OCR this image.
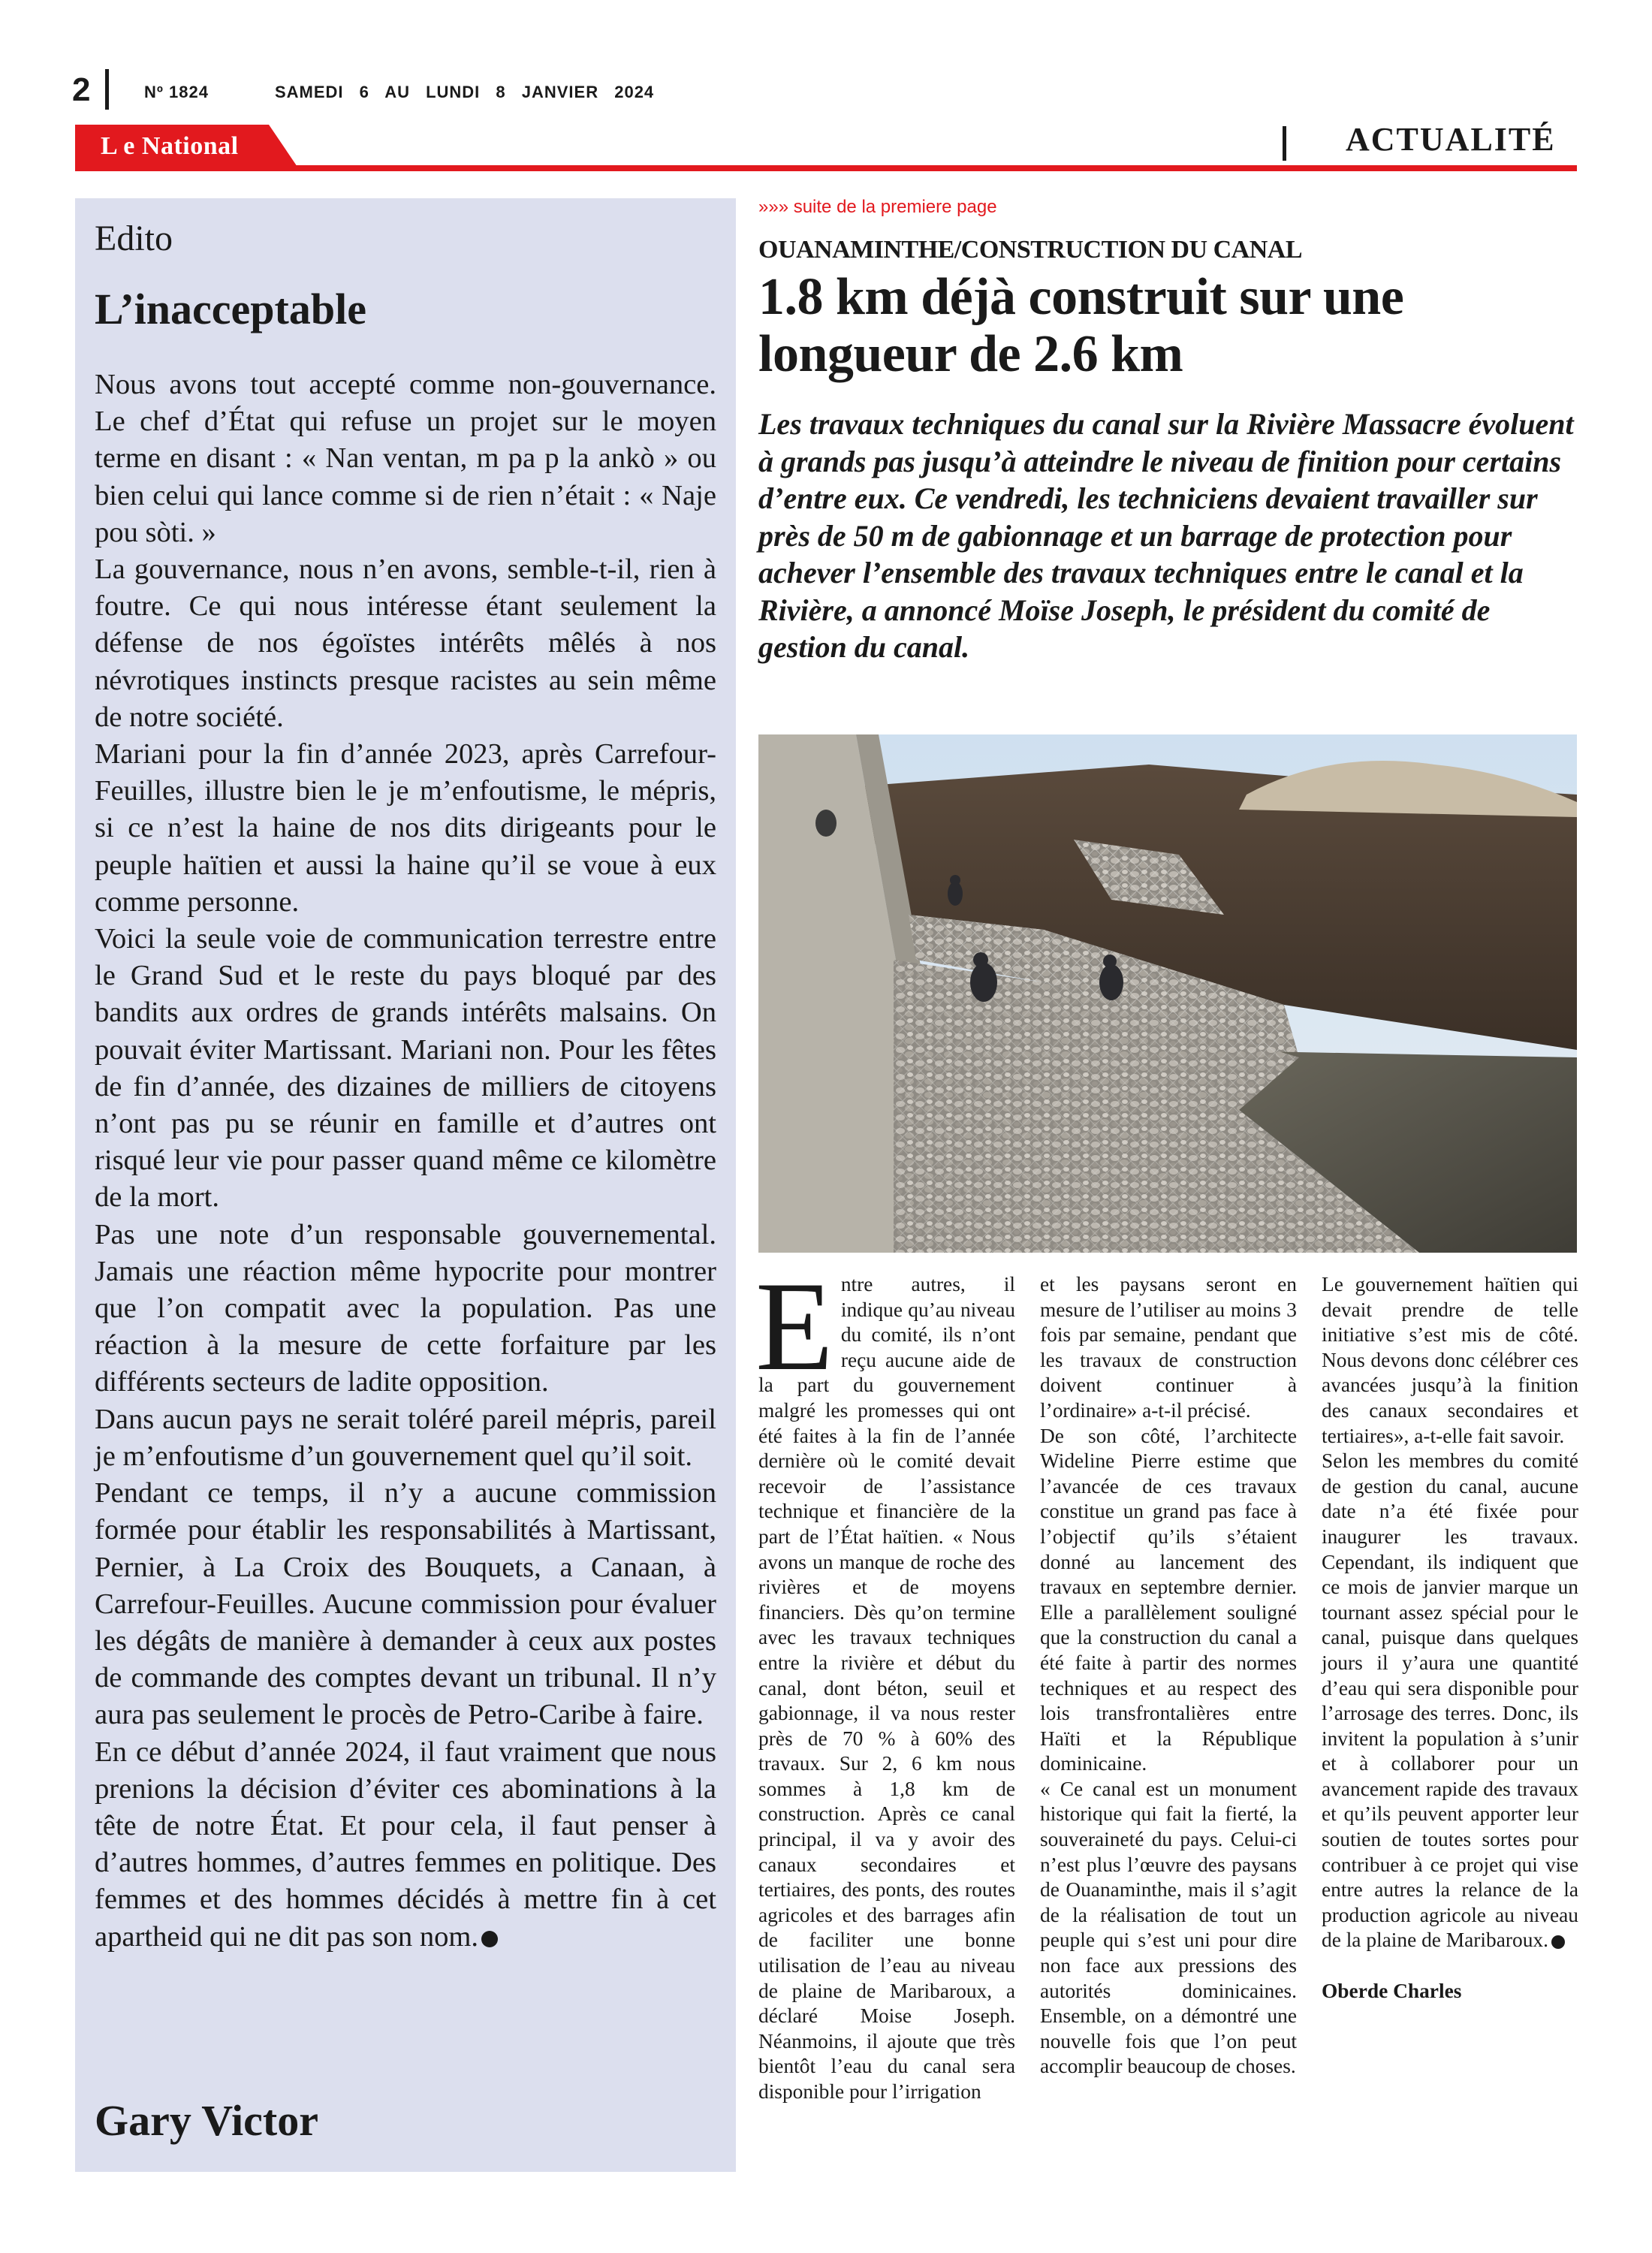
2	Nº 1824	SAMEDI 6 AU LUNDI 8 JANVIER 2024
L e National	ACTUALITÉ
Edito
L’inacceptable

Nous avons tout accepté comme non-gouvernance. Le chef d’État qui refuse un projet sur le moyen terme en disant : « Nan ventan, m pa p la ankò » ou bien celui qui lance comme si de rien n’était : « Naje pou sòti. »

La gouvernance, nous n’en avons, semble-t-il, rien à foutre. Ce qui nous intéresse étant seulement la défense de nos égoïstes intérêts mêlés à nos névrotiques instincts presque racistes au sein même de notre société.

Mariani pour la fin d’année 2023, après Carrefour-Feuilles, illustre bien le je m’enfoutisme, le mépris, si ce n’est la haine de nos dits dirigeants pour le peuple haïtien et aussi la haine qu’il se voue à eux comme personne.

Voici la seule voie de communication terrestre entre le Grand Sud et le reste du pays bloqué par des bandits aux ordres de grands intérêts malsains. On pouvait éviter Martissant. Mariani non. Pour les fêtes de fin d’année, des dizaines de milliers de citoyens n’ont pas pu se réunir en famille et d’autres ont risqué leur vie pour passer quand même ce kilomètre de la mort.

Pas une note d’un responsable gouvernemental. Jamais une réaction même hypocrite pour montrer que l’on compatit avec la population. Pas une réaction à la mesure de cette forfaiture par les différents secteurs de ladite opposition.

Dans aucun pays ne serait toléré pareil mépris, pareil je m’enfoutisme d’un gouvernement quel qu’il soit.

Pendant ce temps, il n’y a aucune commission formée pour établir les responsabilités à Martissant, Pernier, à La Croix des Bouquets, a Canaan, à Carrefour-Feuilles. Aucune commission pour évaluer les dégâts de manière à demander à ceux aux postes de commande des comptes devant un tribunal. Il n’y aura pas seulement le procès de Petro-Caribe à faire.

En ce début d’année 2024, il faut vraiment que nous prenions la décision d’éviter ces abominations à la tête de notre État. Et pour cela, il faut penser à d’autres hommes, d’autres femmes en politique. Des femmes et des hommes décidés à mettre fin à cet apartheid qui ne dit pas son nom.

Gary Victor
»»» suite de la premiere page
OUANAMINTHE/CONSTRUCTION DU CANAL
1.8 km déjà construit sur une longueur de 2.6 km
Les travaux techniques du canal sur la Rivière Massacre évoluent à grands pas jusqu’à atteindre le niveau de finition pour certains d’entre eux. Ce vendredi, les techniciens devaient travailler sur près de 50 m de gabionnage et un barrage de protection pour achever l’ensemble des travaux techniques entre le canal et la Rivière, a annoncé Moïse Joseph, le président du comité de gestion du canal.

Entre autres, il indique qu’au niveau du comité, ils n’ont reçu aucune aide de la part du gouvernement malgré les promesses qui ont été faites à la fin de l’année dernière où le comité devait recevoir de l’assistance technique et financière de la part de l’État haïtien. « Nous avons un manque de roche des rivières et de moyens financiers. Dès qu’on termine avec les travaux techniques entre la rivière et début du canal, dont béton, seuil et gabionnage, il va nous rester près de 70 % à 60% des travaux. Sur 2, 6 km nous sommes à 1,8 km de construction. Après ce canal principal, il va y avoir des canaux secondaires et tertiaires, des ponts, des routes agricoles et des barrages afin de faciliter une bonne utilisation de l’eau au niveau de plaine de Maribaroux, a déclaré Moise Joseph. Néanmoins, il ajoute que très bientôt l’eau du canal sera disponible pour l’irrigation

et les paysans seront en mesure de l’utiliser au moins 3 fois par semaine, pendant que les travaux de construction doivent continuer à l’ordinaire» a-t-il précisé.

De son côté, l’architecte Wideline Pierre estime que l’avancée de ces travaux constitue un grand pas face à l’objectif qu’ils s’étaient donné au lancement des travaux en septembre dernier. Elle a parallèlement souligné que la construction du canal a été faite à partir des normes techniques et au respect des lois transfrontalières entre Haïti et la République dominicaine.

« Ce canal est un monument historique qui fait la fierté, la souveraineté du pays. Celui-ci n’est plus l’œuvre des paysans de Ouanaminthe, mais il s’agit de la réalisation de tout un peuple qui s’est uni pour dire non face aux pressions des autorités dominicaines. Ensemble, on a démontré une nouvelle fois que l’on peut accomplir beaucoup de choses.

Le gouvernement haïtien qui devait prendre de telle initiative s’est mis de côté. Nous devons donc célébrer ces avancées jusqu’à la finition des canaux secondaires et tertiaires», a-t-elle fait savoir.

Selon les membres du comité de gestion du canal, aucune date n’a été fixée pour inaugurer les travaux. Cependant, ils indiquent que ce mois de janvier marque un tournant assez spécial pour le canal, puisque dans quelques jours il y’aura une quantité d’eau qui sera disponible pour l’arrosage des terres. Donc, ils invitent la population à s’unir et à collaborer pour un avancement rapide des travaux et qu’ils peuvent apporter leur soutien de toutes sortes pour contribuer à ce projet qui vise entre autres la relance de la production agricole au niveau de la plaine de Maribaroux.

Oberde Charles
